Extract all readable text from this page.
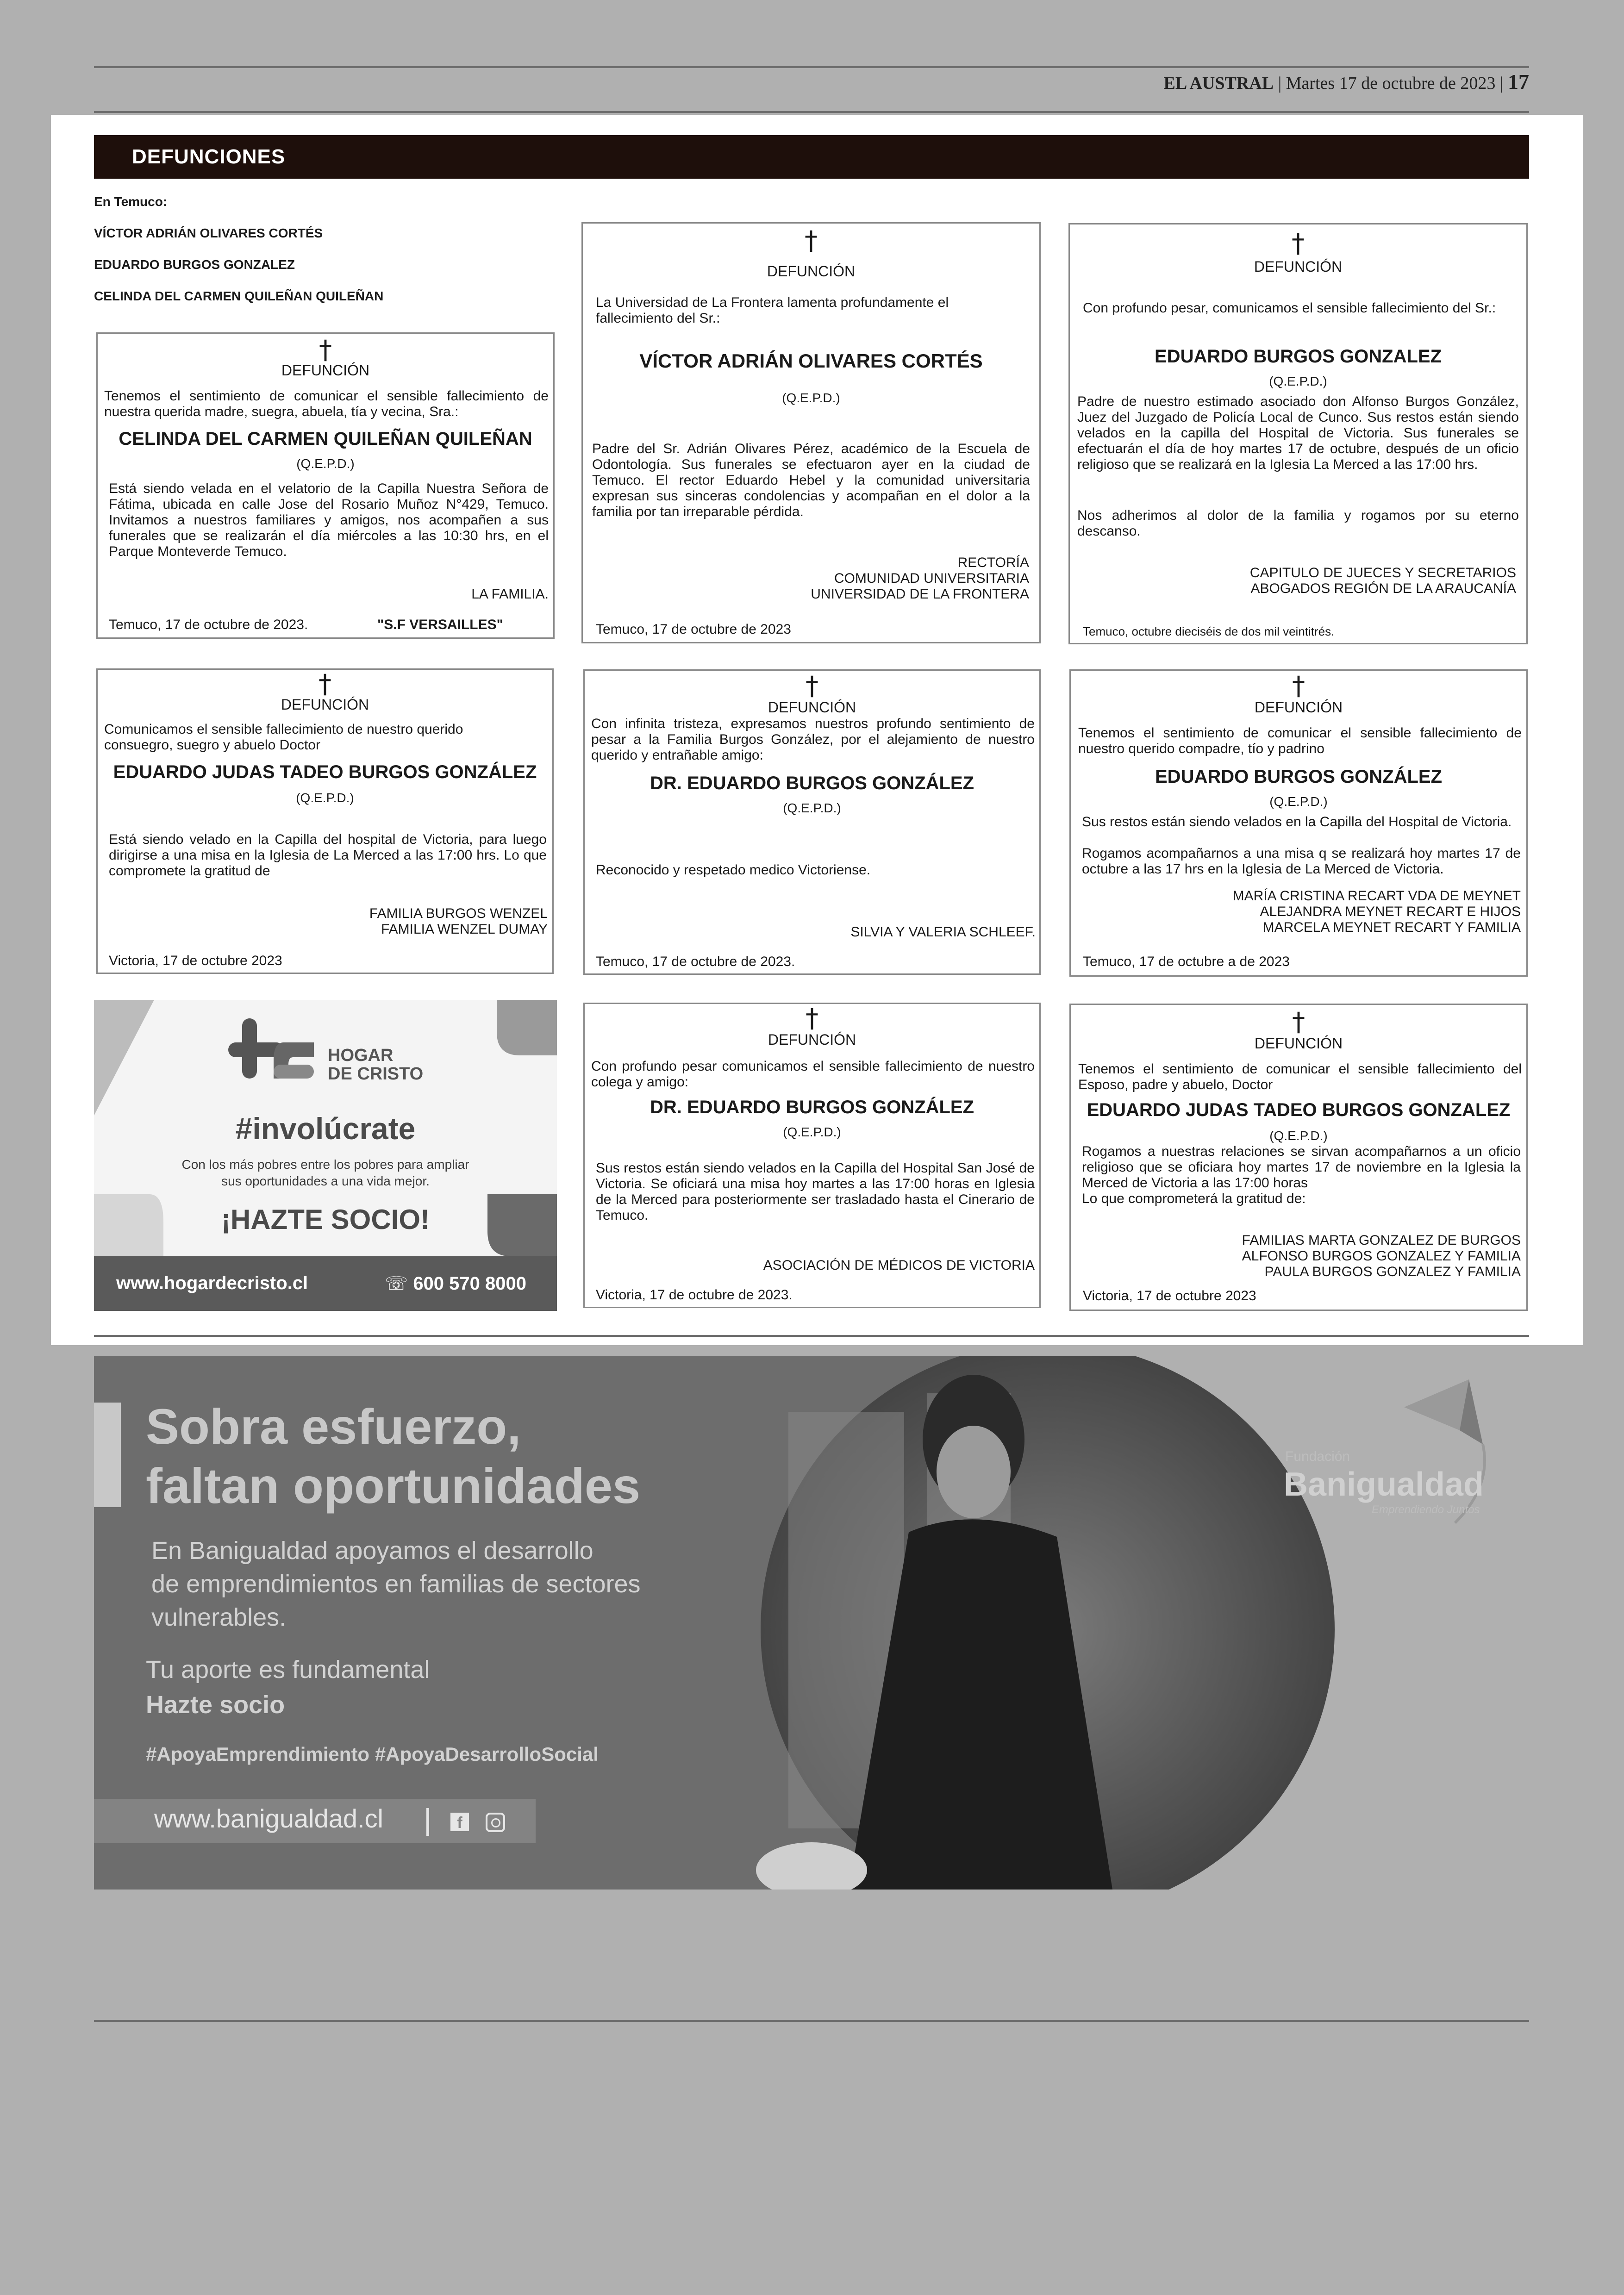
EL AUSTRAL | Martes 17 de octubre de 2023 | 17
DEFUNCIONES
En Temuco:
VÍCTOR ADRIÁN OLIVARES CORTÉS
EDUARDO BURGOS GONZALEZ
CELINDA DEL CARMEN QUILEÑAN QUILEÑAN
†
DEFUNCIÓN
Tenemos el sentimiento de comunicar el sensible fallecimiento de nuestra querida madre, suegra, abuela, tía y vecina, Sra.:
CELINDA DEL CARMEN QUILEÑAN QUILEÑAN
(Q.E.P.D.)
Está siendo velada en el velatorio de la Capilla Nuestra Señora de Fátima, ubicada en calle Jose del Rosario Muñoz N°429, Temuco. Invitamos a nuestros familiares y amigos, nos acompañen a sus funerales que se realizarán el día miércoles a las 10:30 hrs, en el Parque Monteverde Temuco.
LA FAMILIA.
Temuco, 17 de octubre de 2023.	"S.F VERSAILLES"
†
DEFUNCIÓN
La Universidad de La Frontera lamenta profundamente el fallecimiento del Sr.:
VÍCTOR ADRIÁN OLIVARES CORTÉS
(Q.E.P.D.)
Padre del Sr. Adrián Olivares Pérez, académico de la Escuela de Odontología. Sus funerales se efectuaron ayer en la ciudad de Temuco. El rector Eduardo Hebel y la comunidad universitaria expresan sus sinceras condolencias y acompañan en el dolor a la familia por tan irreparable pérdida.
RECTORÍA
COMUNIDAD UNIVERSITARIA
UNIVERSIDAD DE LA FRONTERA
Temuco, 17 de octubre de 2023
†
DEFUNCIÓN
Con profundo pesar, comunicamos el sensible fallecimiento del Sr.:
EDUARDO BURGOS GONZALEZ
(Q.E.P.D.)
Padre de nuestro estimado asociado don Alfonso Burgos González, Juez del Juzgado de Policía Local de Cunco. Sus restos están siendo velados en la capilla del Hospital de Victoria. Sus funerales se efectuarán el día de hoy martes 17 de octubre, después de un oficio religioso que se realizará en la Iglesia La Merced a las 17:00 hrs.
Nos adherimos al dolor de la familia y rogamos por su eterno descanso.
CAPITULO DE JUECES Y SECRETARIOS
ABOGADOS REGIÓN DE LA ARAUCANÍA
Temuco, octubre dieciséis de dos mil veintitrés.
†
DEFUNCIÓN
Comunicamos el sensible fallecimiento de nuestro querido consuegro, suegro y abuelo Doctor
EDUARDO JUDAS TADEO BURGOS GONZÁLEZ
(Q.E.P.D.)
Está siendo velado en la Capilla del hospital de Victoria, para luego dirigirse a una misa en la Iglesia de La Merced a las 17:00 hrs. Lo que compromete la gratitud de
FAMILIA BURGOS WENZEL
FAMILIA WENZEL DUMAY
Victoria, 17 de octubre 2023
†
DEFUNCIÓN
Con infinita tristeza, expresamos nuestros profundo sentimiento de pesar a la Familia Burgos González, por el alejamiento de nuestro querido y entrañable amigo:
DR. EDUARDO BURGOS GONZÁLEZ
(Q.E.P.D.)
Reconocido y respetado medico Victoriense.
SILVIA Y VALERIA SCHLEEF.
Temuco, 17 de octubre de 2023.
†
DEFUNCIÓN
Tenemos el sentimiento de comunicar el sensible fallecimiento de nuestro querido compadre, tío y padrino
EDUARDO BURGOS GONZÁLEZ
(Q.E.P.D.)
Sus restos están siendo velados en la Capilla del Hospital de Victoria.
Rogamos acompañarnos a una misa q se realizará hoy martes 17 de octubre a las 17 hrs en la Iglesia de La Merced de Victoria.
MARÍA CRISTINA RECART VDA DE MEYNET
ALEJANDRA MEYNET RECART E HIJOS
MARCELA MEYNET RECART Y FAMILIA
Temuco, 17 de octubre a de 2023
HOGAR
DE CRISTO
#involúcrate
Con los más pobres entre los pobres para ampliar
sus oportunidades a una vida mejor.
¡HAZTE SOCIO!
www.hogardecristo.cl	☏ 600 570 8000
†
DEFUNCIÓN
Con profundo pesar comunicamos el sensible fallecimiento de nuestro colega y amigo:
DR. EDUARDO BURGOS GONZÁLEZ
(Q.E.P.D.)
Sus restos están siendo velados en la Capilla del Hospital San José de Victoria. Se oficiará una misa hoy martes a las 17:00 horas en Iglesia de la Merced para posteriormente ser trasladado hasta el Cinerario de Temuco.
ASOCIACIÓN DE MÉDICOS DE VICTORIA
Victoria, 17 de octubre de 2023.
†
DEFUNCIÓN
Tenemos el sentimiento de comunicar el sensible fallecimiento del Esposo, padre y abuelo, Doctor
EDUARDO JUDAS TADEO BURGOS GONZALEZ
(Q.E.P.D.)
Rogamos a nuestras relaciones se sirvan acompañarnos a un oficio religioso que se oficiara hoy martes 17 de noviembre en la Iglesia la Merced de Victoria a las 17:00 horas
Lo que comprometerá la gratitud de:
FAMILIAS MARTA GONZALEZ DE BURGOS
ALFONSO BURGOS GONZALEZ Y FAMILIA
PAULA BURGOS GONZALEZ Y FAMILIA
Victoria, 17 de octubre 2023
Sobra esfuerzo,
faltan oportunidades
En Banigualdad apoyamos el desarrollo
de emprendimientos en familias de sectores
vulnerables.
Tu aporte es fundamental
Hazte socio
#ApoyaEmprendimiento #ApoyaDesarrolloSocial
www.banigualdad.cl	f
Fundación
Banigualdad
Emprendiendo Juntos
